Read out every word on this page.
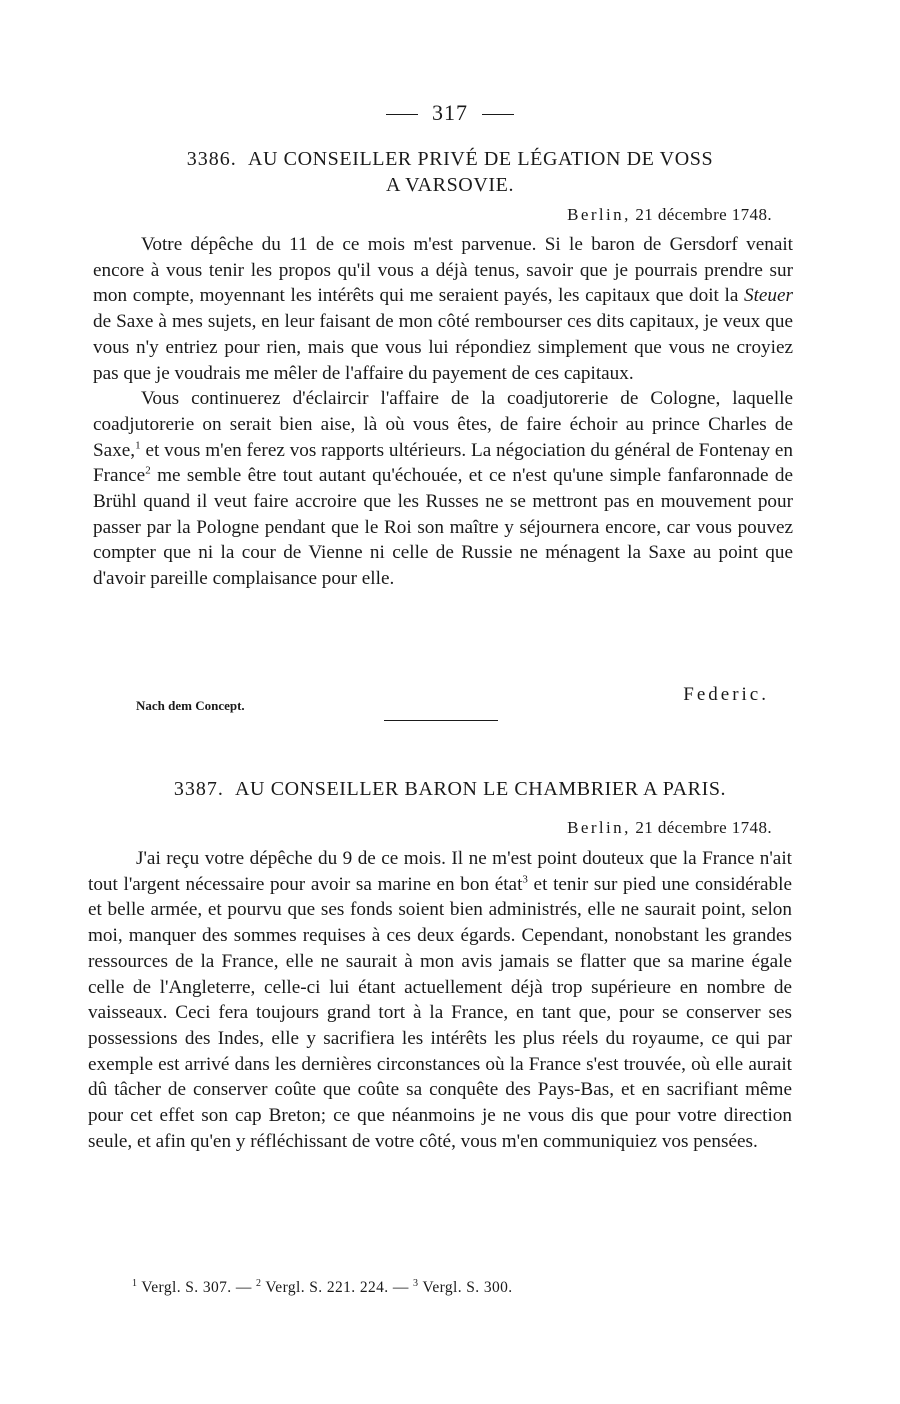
317
3386. AU CONSEILLER PRIVÉ DE LÉGATION DE VOSS
A VARSOVIE.
Berlin, 21 décembre 1748.

Votre dépêche du 11 de ce mois m'est parvenue. Si le baron de Gersdorf venait encore à vous tenir les propos qu'il vous a déjà tenus, savoir que je pourrais prendre sur mon compte, moyennant les intérêts qui me seraient payés, les capitaux que doit la Steuer de Saxe à mes sujets, en leur faisant de mon côté rembourser ces dits capitaux, je veux que vous n'y entriez pour rien, mais que vous lui répondiez simplement que vous ne croyiez pas que je voudrais me mêler de l'affaire du payement de ces capitaux.

Vous continuerez d'éclaircir l'affaire de la coadjutorerie de Cologne, laquelle coadjutorerie on serait bien aise, là où vous êtes, de faire échoir au prince Charles de Saxe,$^1$ et vous m'en ferez vos rapports ultérieurs. La négociation du général de Fontenay en France$^2$ me semble être tout autant qu'échouée, et ce n'est qu'une simple fanfaronnade de Brühl quand il veut faire accroire que les Russes ne se mettront pas en mouvement pour passer par la Pologne pendant que le Roi son maître y séjournera encore, car vous pouvez compter que ni la cour de Vienne ni celle de Russie ne ménagent la Saxe au point que d'avoir pareille complaisance pour elle.

Federic.
Nach dem Concept.
3387. AU CONSEILLER BARON LE CHAMBRIER A PARIS.
Berlin, 21 décembre 1748.

J'ai reçu votre dépêche du 9 de ce mois. Il ne m'est point douteux que la France n'ait tout l'argent nécessaire pour avoir sa marine en bon état$^3$ et tenir sur pied une considérable et belle armée, et pourvu que ses fonds soient bien administrés, elle ne saurait point, selon moi, manquer des sommes requises à ces deux égards. Cependant, nonobstant les grandes ressources de la France, elle ne saurait à mon avis jamais se flatter que sa marine égale celle de l'Angleterre, celle-ci lui étant actuellement déjà trop supérieure en nombre de vaisseaux. Ceci fera toujours grand tort à la France, en tant que, pour se conserver ses possessions des Indes, elle y sacrifiera les intérêts les plus réels du royaume, ce qui par exemple est arrivé dans les dernières circonstances où la France s'est trouvée, où elle aurait dû tâcher de conserver coûte que coûte sa conquête des Pays-Bas, et en sacrifiant même pour cet effet son cap Breton; ce que néanmoins je ne vous dis que pour votre direction seule, et afin qu'en y réfléchissant de votre côté, vous m'en communiquiez vos pensées.

$^1$ Vergl. S. 307. — $^2$ Vergl. S. 221. 224. — $^3$ Vergl. S. 300.
